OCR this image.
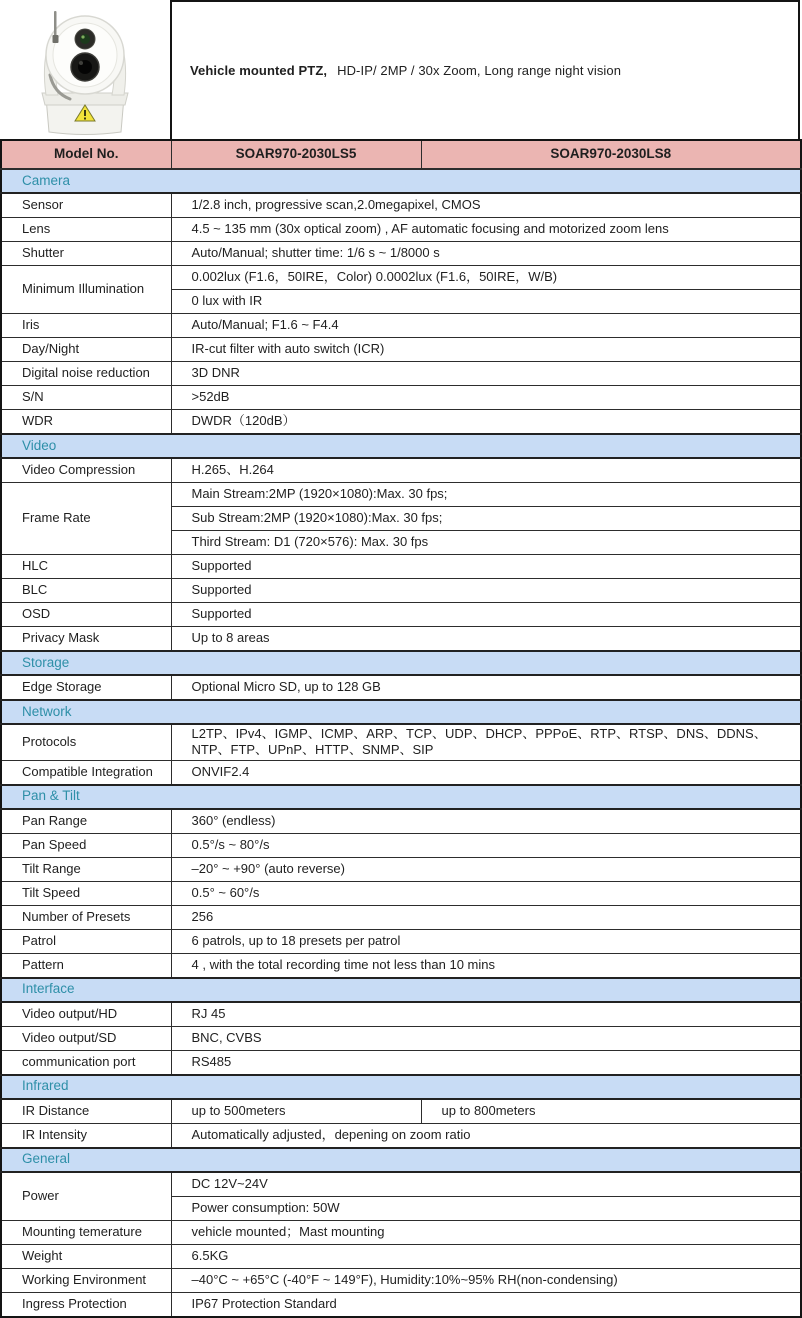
Vehicle mounted PTZ, HD-IP/ 2MP / 30x Zoom, Long range night vision
Model No.	SOAR970-2030LS5	SOAR970-2030LS8
Camera		
Sensor	1/2.8 inch, progressive scan,2.0megapixel, CMOS	
Lens	4.5 ~ 135 mm (30x optical zoom) , AF automatic focusing and motorized zoom lens	
Shutter	Auto/Manual; shutter time: 1/6 s ~ 1/8000 s	
Minimum Illumination	0.002lux (F1.6，50IRE，Color) 0.0002lux (F1.6，50IRE，W/B)	
	0 lux with IR	
Iris	Auto/Manual; F1.6 ~ F4.4	
Day/Night	IR-cut filter with auto switch (ICR)	
Digital noise reduction	3D DNR	
S/N	>52dB	
WDR	DWDR（120dB）	
Video		
Video Compression	H.265、H.264	
Frame Rate	Main Stream:2MP (1920×1080):Max. 30 fps;	
	Sub Stream:2MP (1920×1080):Max. 30 fps;	
	Third Stream: D1 (720×576): Max. 30 fps	
HLC	Supported	
BLC	Supported	
OSD	Supported	
Privacy Mask	Up to 8 areas	
Storage		
Edge Storage	Optional Micro SD, up to 128 GB	
Network		
Protocols	L2TP、IPv4、IGMP、ICMP、ARP、TCP、UDP、DHCP、PPPoE、RTP、RTSP、DNS、DDNS、NTP、FTP、UPnP、HTTP、SNMP、SIP	
Compatible Integration	ONVIF2.4	
Pan & Tilt		
Pan Range	360° (endless)	
Pan Speed	0.5°/s ~ 80°/s	
Tilt Range	–20° ~ +90° (auto reverse)	
Tilt Speed	0.5° ~ 60°/s	
Number of Presets	256	
Patrol	6 patrols, up to 18 presets per patrol	
Pattern	4 , with the total recording time not less than 10 mins	
Interface		
Video output/HD	RJ 45	
Video output/SD	BNC, CVBS	
communication port	RS485	
Infrared		
IR Distance	up to 500meters	up to 800meters
IR Intensity	Automatically adjusted，depening on zoom ratio	
General		
Power	DC 12V~24V	
	Power consumption: 50W	
Mounting temerature	vehicle mounted；Mast mounting	
Weight	6.5KG	
Working Environment	–40°C ~ +65°C (-40°F ~ 149°F), Humidity:10%~95% RH(non-condensing)	
Ingress Protection	IP67 Protection Standard	
